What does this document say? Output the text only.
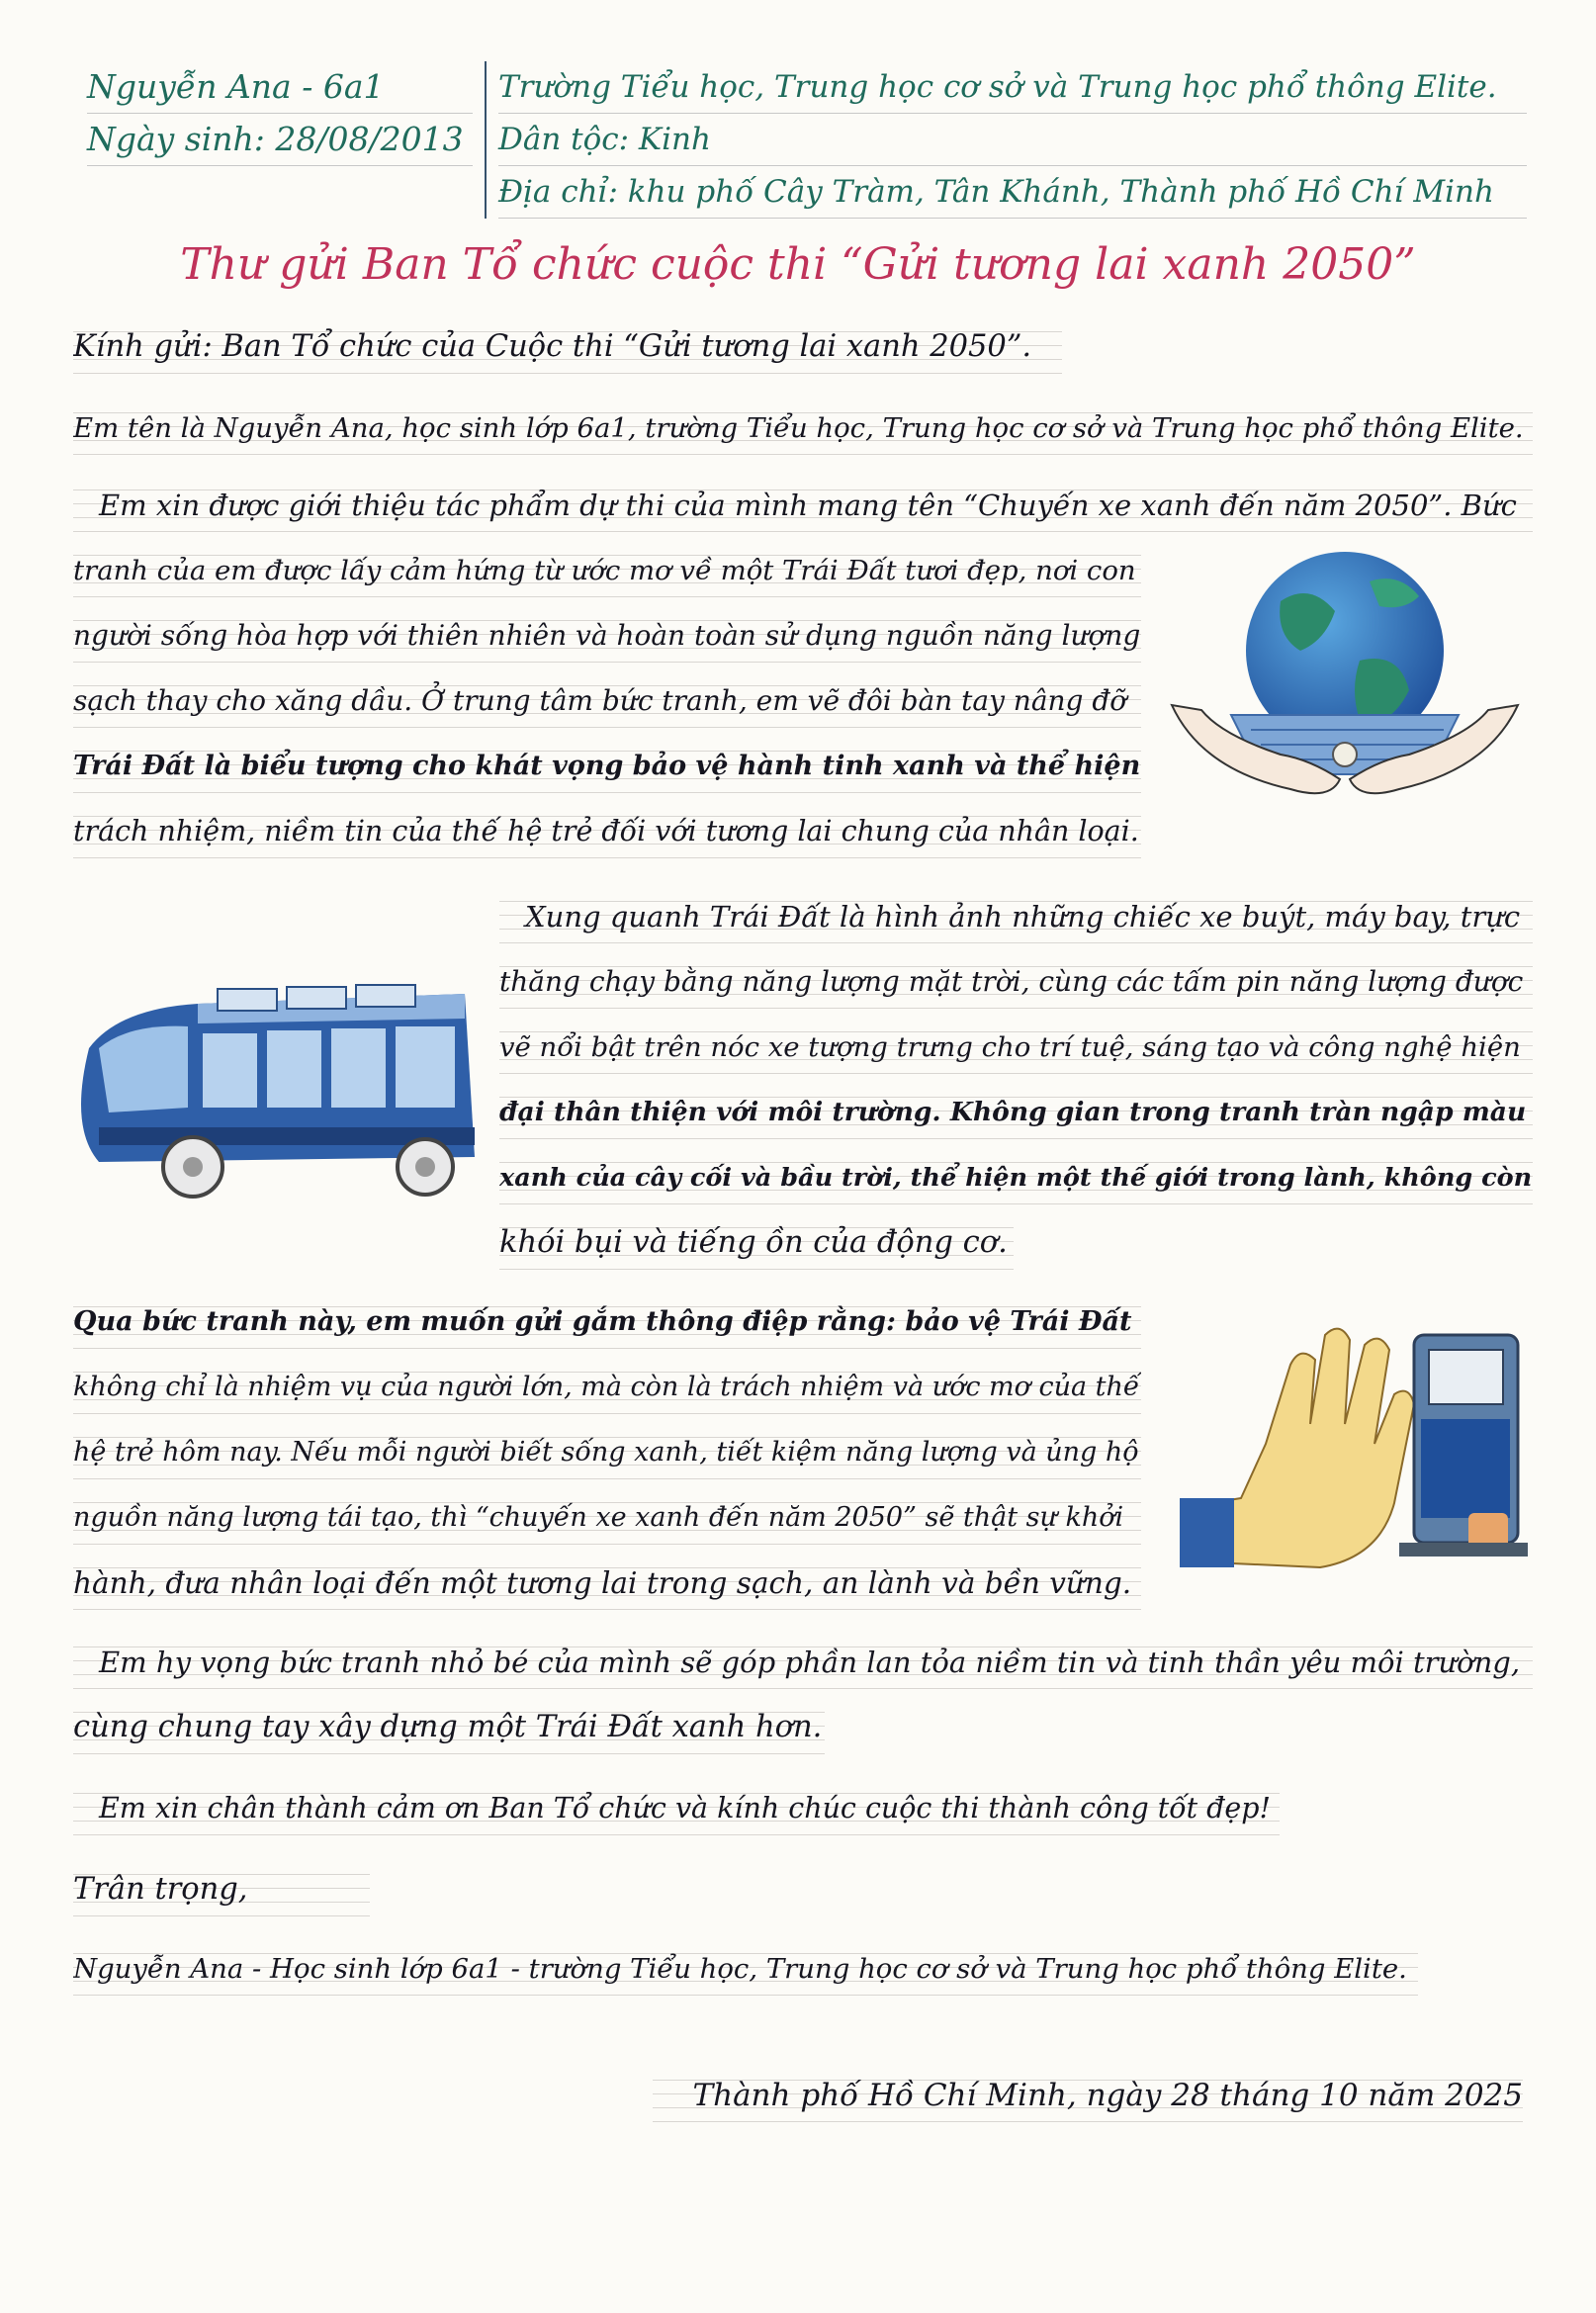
Nguyễn Ana - 6a1
Ngày sinh: 28/08/2013
Trường Tiểu học, Trung học cơ sở và Trung học phổ thông Elite.
Dân tộc: Kinh
Địa chỉ: khu phố Cây Tràm, Tân Khánh, Thành phố Hồ Chí Minh
Thư gửi Ban Tổ chức cuộc thi “Gửi tương lai xanh 2050”
Kính gửi: Ban Tổ chức của Cuộc thi “Gửi tương lai xanh 2050”.
Em tên là Nguyễn Ana, học sinh lớp 6a1, trường Tiểu học, Trung học cơ sở và Trung học phổ thông Elite.
Em xin được giới thiệu tác phẩm dự thi của mình mang tên “Chuyến xe xanh đến năm 2050”. Bức
tranh của em được lấy cảm hứng từ ước mơ về một Trái Đất tươi đẹp, nơi con
người sống hòa hợp với thiên nhiên và hoàn toàn sử dụng nguồn năng lượng
sạch thay cho xăng dầu. Ở trung tâm bức tranh, em vẽ đôi bàn tay nâng đỡ
Trái Đất là biểu tượng cho khát vọng bảo vệ hành tinh xanh và thể hiện
trách nhiệm, niềm tin của thế hệ trẻ đối với tương lai chung của nhân loại.
Xung quanh Trái Đất là hình ảnh những chiếc xe buýt, máy bay, trực
thăng chạy bằng năng lượng mặt trời, cùng các tấm pin năng lượng được
vẽ nổi bật trên nóc xe tượng trưng cho trí tuệ, sáng tạo và công nghệ hiện
đại thân thiện với môi trường. Không gian trong tranh tràn ngập màu
xanh của cây cối và bầu trời, thể hiện một thế giới trong lành, không còn
khói bụi và tiếng ồn của động cơ.
Qua bức tranh này, em muốn gửi gắm thông điệp rằng: bảo vệ Trái Đất
không chỉ là nhiệm vụ của người lớn, mà còn là trách nhiệm và ước mơ của thế
hệ trẻ hôm nay. Nếu mỗi người biết sống xanh, tiết kiệm năng lượng và ủng hộ
nguồn năng lượng tái tạo, thì “chuyến xe xanh đến năm 2050” sẽ thật sự khởi
hành, đưa nhân loại đến một tương lai trong sạch, an lành và bền vững.
Em hy vọng bức tranh nhỏ bé của mình sẽ góp phần lan tỏa niềm tin và tinh thần yêu môi trường,
cùng chung tay xây dựng một Trái Đất xanh hơn.
Em xin chân thành cảm ơn Ban Tổ chức và kính chúc cuộc thi thành công tốt đẹp!
Trân trọng,
Nguyễn Ana - Học sinh lớp 6a1 - trường Tiểu học, Trung học cơ sở và Trung học phổ thông Elite.
Thành phố Hồ Chí Minh, ngày 28 tháng 10 năm 2025
